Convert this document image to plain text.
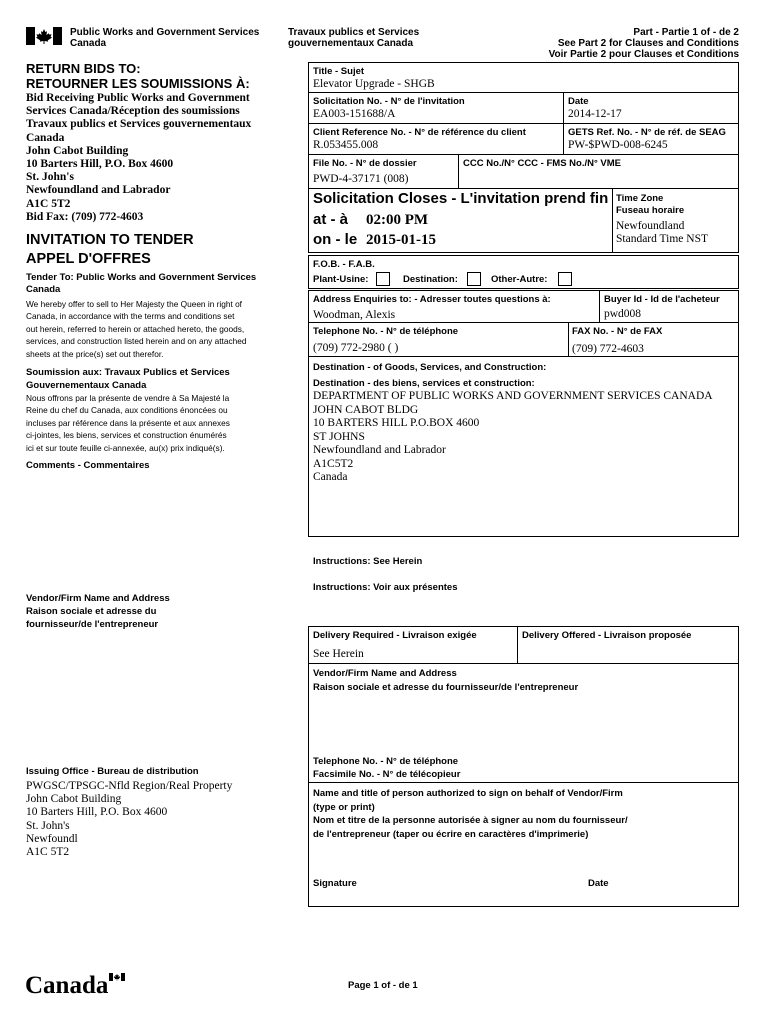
Public Works and Government Services
Canada
Travaux publics et Services
gouvernementaux Canada
Part - Partie 1 of - de 2
See Part 2 for Clauses and Conditions
Voir Partie 2 pour Clauses et Conditions
RETURN BIDS TO:
RETOURNER LES SOUMISSIONS À:
Bid Receiving Public Works and Government
Services Canada/Réception des soumissions
Travaux publics et Services gouvernementaux
Canada
John Cabot Building
10 Barters Hill, P.O. Box 4600
St. John's
Newfoundland and Labrador
A1C 5T2
Bid Fax: (709) 772-4603
INVITATION TO TENDER
APPEL D'OFFRES
Tender To: Public Works and Government Services
Canada
We hereby offer to sell to Her Majesty the Queen in right of
Canada, in accordance with the terms and conditions set
out herein, referred to herein or attached hereto, the goods,
services, and construction listed herein and on any attached
sheets at the price(s) set out therefor.
Soumission aux: Travaux Publics et Services
Gouvernementaux Canada
Nous offrons par la présente de vendre à Sa Majesté la
Reine du chef du Canada, aux conditions énoncées ou
incluses par référence dans la présente et aux annexes
ci-jointes, les biens, services et construction énumérés
ici et sur toute feuille ci-annexée, au(x) prix indiqué(s).
Comments - Commentaires
Vendor/Firm Name and Address
Raison sociale et adresse du
fournisseur/de l'entrepreneur
Issuing Office - Bureau de distribution
PWGSC/TPSGC-Nfld Region/Real Property
John Cabot Building
10 Barters Hill, P.O. Box 4600
St. John's
Newfoundl
A1C 5T2
Title - Sujet
Elevator Upgrade - SHGB
Solicitation No. - N° de l'invitation
EA003-151688/A
Date
2014-12-17
Client Reference No. - N° de référence du client
R.053455.008
GETS Ref. No. - N° de réf. de SEAG
PW-$PWD-008-6245
File No. - N° de dossier
PWD-4-37171 (008)
CCC No./N° CCC - FMS No./N° VME
Solicitation Closes - L'invitation prend fin
at - à 02:00 PM
on - le 2015-01-15
Time Zone
Fuseau horaire
Newfoundland
Standard Time NST
F.O.B. - F.A.B.
Plant-Usine:	Destination:	Other-Autre:
Address Enquiries to: - Adresser toutes questions à:
Woodman, Alexis
Buyer Id - Id de l'acheteur
pwd008
Telephone No. - N° de téléphone
(709) 772-2980 ( )
FAX No. - N° de FAX
(709) 772-4603
Destination - of Goods, Services, and Construction:
Destination - des biens, services et construction:
DEPARTMENT OF PUBLIC WORKS AND GOVERNMENT SERVICES CANADA
JOHN CABOT BLDG
10 BARTERS HILL P.O.BOX 4600
ST JOHNS
Newfoundland and Labrador
A1C5T2
Canada
Instructions: See Herein
Instructions: Voir aux présentes
Delivery Required - Livraison exigée
See Herein
Delivery Offered - Livraison proposée
Vendor/Firm Name and Address
Raison sociale et adresse du fournisseur/de l'entrepreneur
Telephone No. - N° de téléphone
Facsimile No. - N° de télécopieur
Name and title of person authorized to sign on behalf of Vendor/Firm
(type or print)
Nom et titre de la personne autorisée à signer au nom du fournisseur/
de l'entrepreneur (taper ou écrire en caractères d'imprimerie)
Signature	Date
Canada	Page 1 of - de 1
